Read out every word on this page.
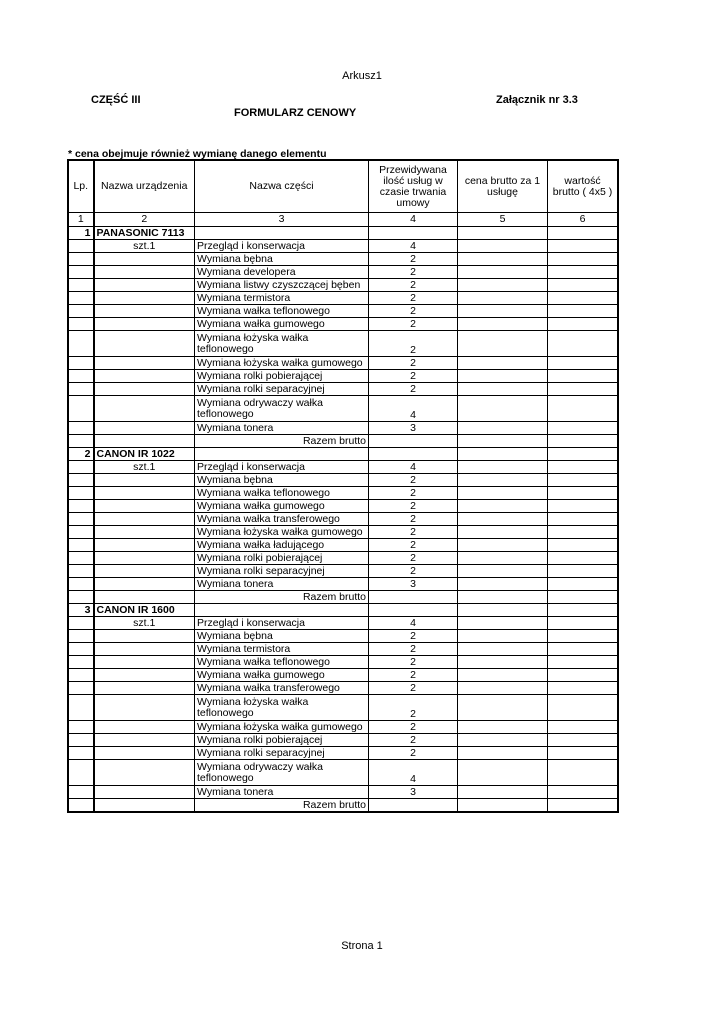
Arkusz1
CZĘŚĆ III	Załącznik nr 3.3
FORMULARZ CENOWY
* cena obejmuje również wymianę danego elementu
Lp.	Nazwa urządzenia	Nazwa części	Przewidywana ilość usług w czasie trwania umowy	cena brutto za 1 usługę	wartość brutto ( 4x5 )
1	2	3	4	5	6
1	PANASONIC 7113				
	szt.1	Przegląd i konserwacja	4		
		Wymiana bębna	2		
		Wymiana developera	2		
		Wymiana listwy czyszczącej bęben	2		
		Wymiana termistora	2		
		Wymiana wałka teflonowego	2		
		Wymiana wałka gumowego	2		
		Wymiana łożyska wałka teflonowego	2		
		Wymiana łożyska wałka gumowego	2		
		Wymiana rolki pobierającej	2		
		Wymiana rolki separacyjnej	2		
		Wymiana odrywaczy wałka teflonowego	4		
		Wymiana tonera	3		
		Razem brutto			
2	CANON IR 1022				
	szt.1	Przegląd i konserwacja	4		
		Wymiana bębna	2		
		Wymiana wałka teflonowego	2		
		Wymiana wałka gumowego	2		
		Wymiana wałka transferowego	2		
		Wymiana łożyska wałka gumowego	2		
		Wymiana wałka ładującego	2		
		Wymiana rolki pobierającej	2		
		Wymiana rolki separacyjnej	2		
		Wymiana tonera	3		
		Razem brutto			
3	CANON IR 1600				
	szt.1	Przegląd i konserwacja	4		
		Wymiana bębna	2		
		Wymiana termistora	2		
		Wymiana wałka teflonowego	2		
		Wymiana wałka gumowego	2		
		Wymiana wałka transferowego	2		
		Wymiana łożyska wałka teflonowego	2		
		Wymiana łożyska wałka gumowego	2		
		Wymiana rolki pobierającej	2		
		Wymiana rolki separacyjnej	2		
		Wymiana odrywaczy wałka teflonowego	4		
		Wymiana tonera	3		
		Razem brutto			
Strona 1
